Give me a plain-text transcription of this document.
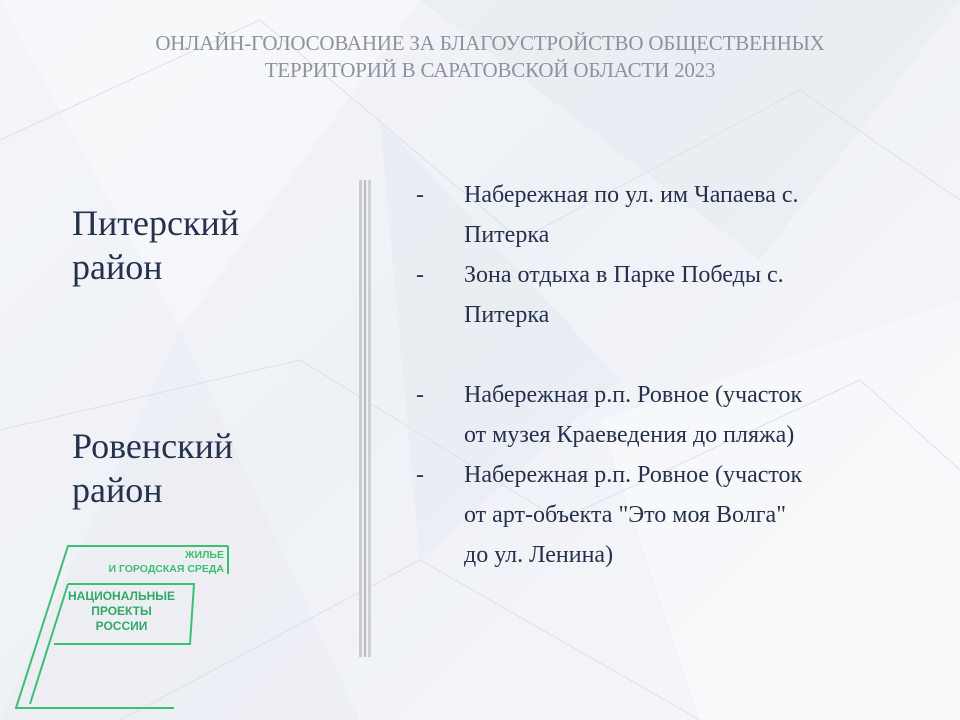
ОНЛАЙН-ГОЛОСОВАНИЕ ЗА БЛАГОУСТРОЙСТВО ОБЩЕСТВЕННЫХ
ТЕРРИТОРИЙ В САРАТОВСКОЙ ОБЛАСТИ 2023
Питерский
район
Ровенский
район
- Набережная по ул. им Чапаева с.
Питерка
- Зона отдыха в Парке Победы с.
Питерка
- Набережная р.п. Ровное (участок
от музея Краеведения до пляжа)
- Набережная р.п. Ровное (участок
от арт-объекта "Это моя Волга"
до ул. Ленина)
ЖИЛЬЕ
И ГОРОДСКАЯ СРЕДА
НАЦИОНАЛЬНЫЕ
ПРОЕКТЫ
РОССИИ
